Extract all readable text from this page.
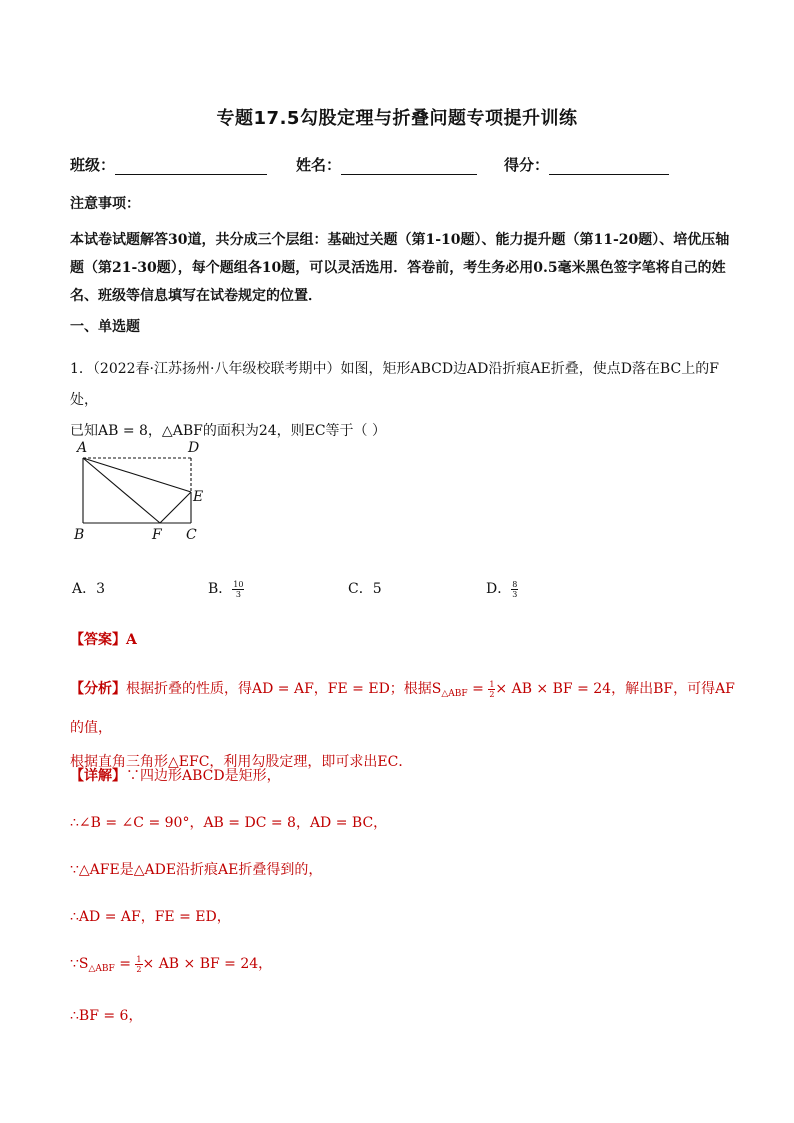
专题17.5勾股定理与折叠问题专项提升训练
班级：	姓名：	得分：
注意事项：
本试卷试题解答30道，共分成三个层组：基础过关题（第1-10题）、能力提升题（第11-20题）、培优压轴题（第21-30题），每个题组各10题，可以灵活选用．答卷前，考生务必用0.5毫米黑色签字笔将自己的姓名、班级等信息填写在试卷规定的位置．
一、单选题
1．（2022春·江苏扬州·八年级校联考期中）如图，矩形ABCD边AD沿折痕AE折叠，使点D落在BC上的F处，
已知AB = 8，△ABF的面积为24，则EC等于（ ）
A	D
E
B	F C
A．3	B． $\frac{10}{3}$	C．5	D． $\frac{8}{3}$
【答案】A
【分析】根据折叠的性质，得AD = AF，FE = ED；根据$S_{\triangle ABF} = \frac{1}{2}$ × AB × BF = 24，解出BF，可得AF的值，
根据直角三角形△EFC，利用勾股定理，即可求出EC．
【详解】∵四边形ABCD是矩形，
∴∠B = ∠C = 90°，AB = DC = 8，AD = BC，
∵△AFE是△ADE沿折痕AE折叠得到的，
∴AD = AF，FE = ED，
$\because S_{\triangle ABF} = \frac{1}{2}$ × AB × BF = 24，
∴BF = 6，
